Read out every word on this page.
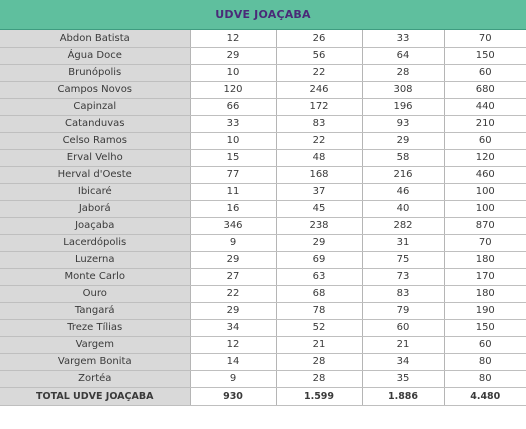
UDVE JOAÇABA
Abdon Batista	12	26	33	70
Água Doce	29	56	64	150
Brunópolis	10	22	28	60
Campos Novos	120	246	308	680
Capinzal	66	172	196	440
Catanduvas	33	83	93	210
Celso Ramos	10	22	29	60
Erval Velho	15	48	58	120
Herval d'Oeste	77	168	216	460
Ibicaré	11	37	46	100
Jaborá	16	45	40	100
Joaçaba	346	238	282	870
Lacerdópolis	9	29	31	70
Luzerna	29	69	75	180
Monte Carlo	27	63	73	170
Ouro	22	68	83	180
Tangará	29	78	79	190
Treze Tílias	34	52	60	150
Vargem	12	21	21	60
Vargem Bonita	14	28	34	80
Zortéa	9	28	35	80
TOTAL UDVE JOAÇABA	930	1.599	1.886	4.480
